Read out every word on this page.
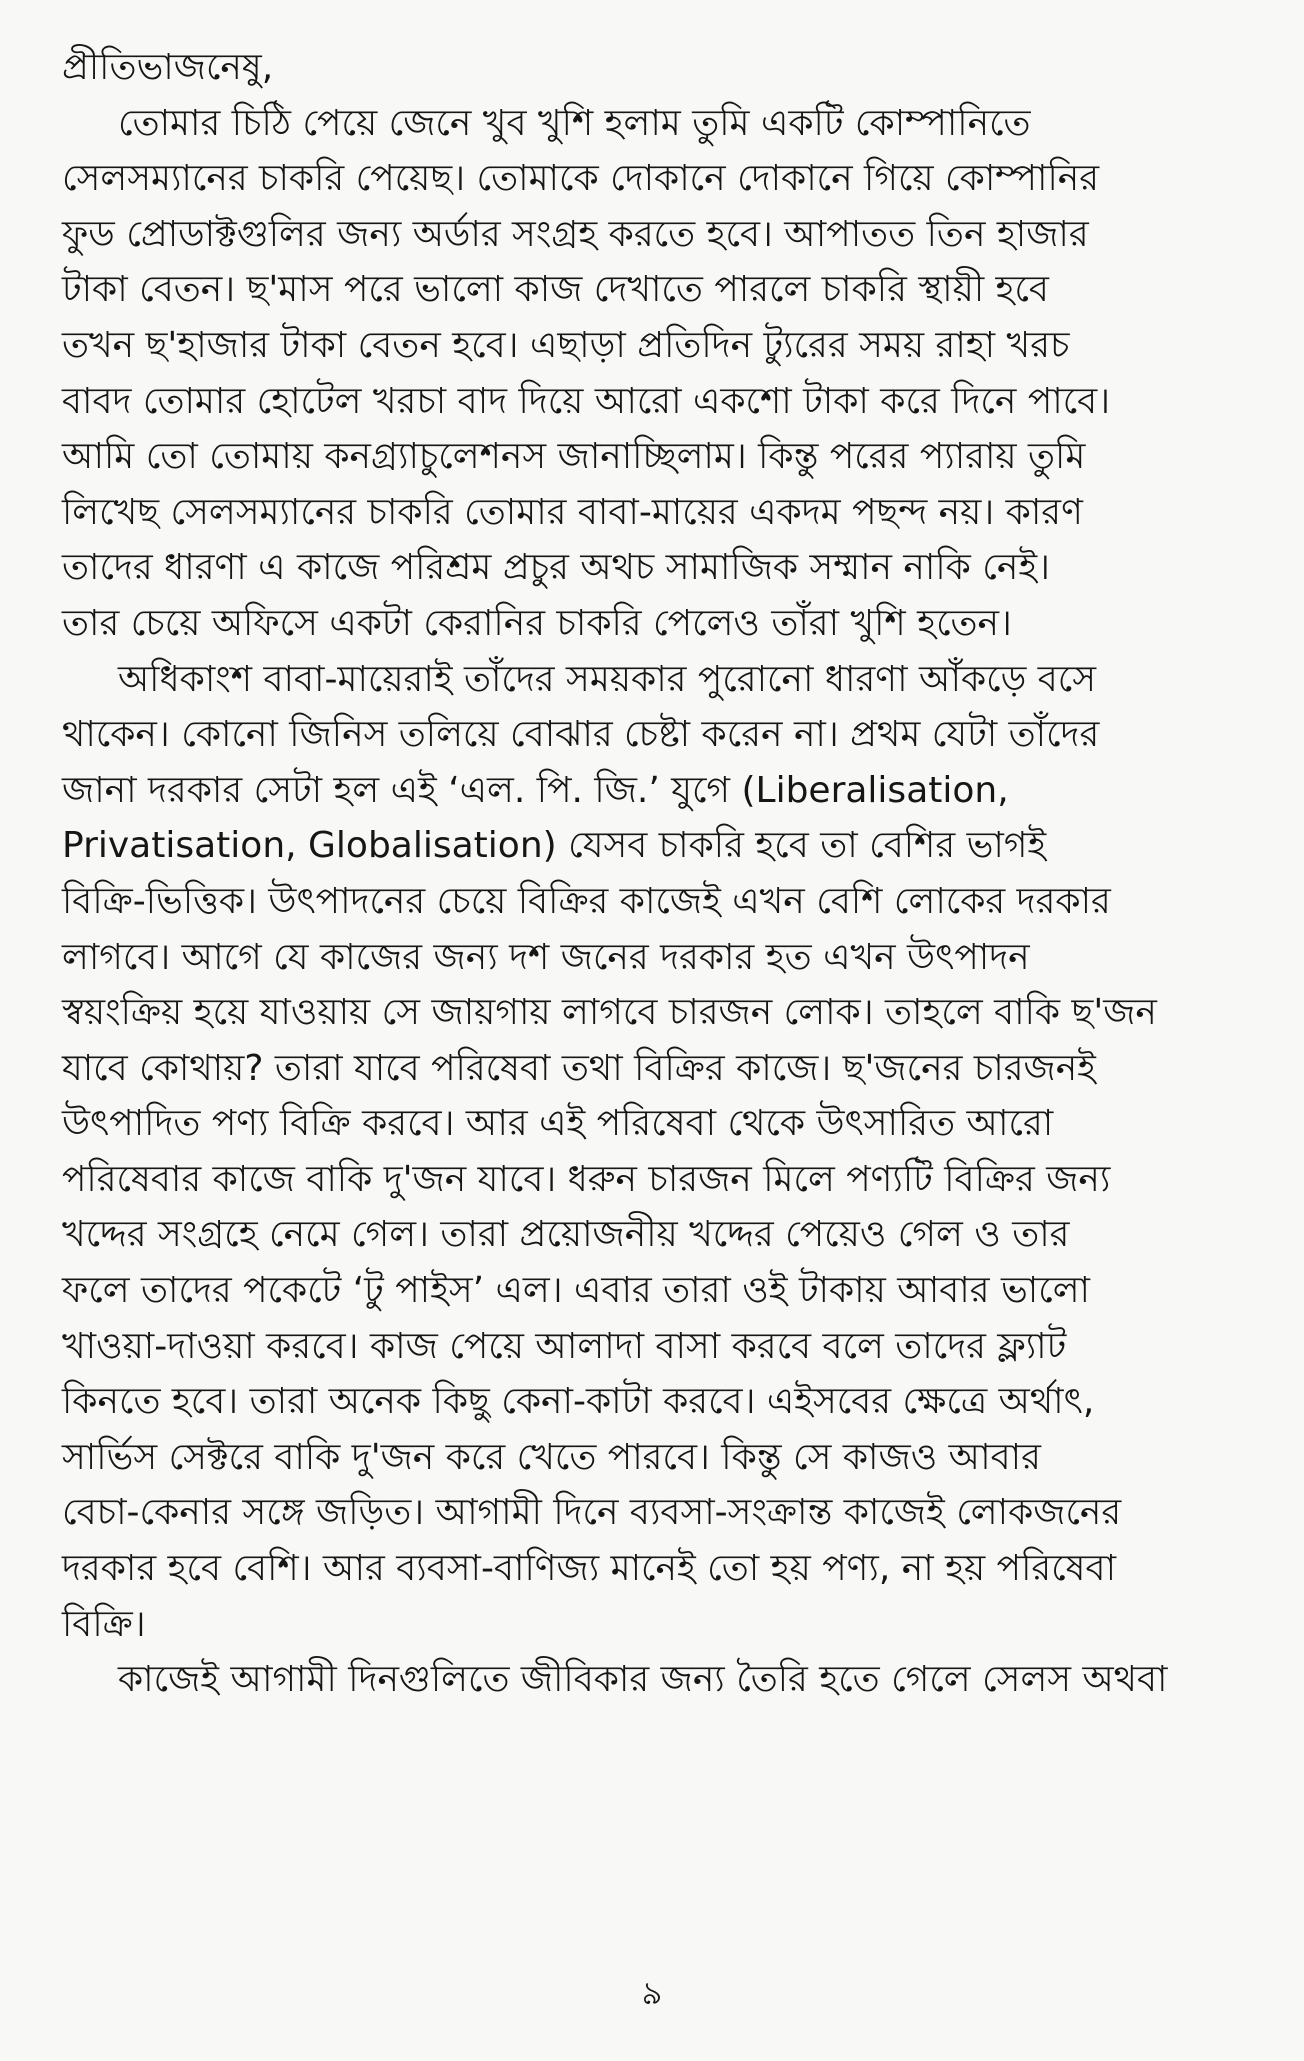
প্রীতিভাজনেষু,
তোমার চিঠি পেয়ে জেনে খুব খুশি হলাম তুমি একটি কোম্পানিতে
সেলসম্যানের চাকরি পেয়েছ। তোমাকে দোকানে দোকানে গিয়ে কোম্পানির
ফুড প্রোডাক্টগুলির জন্য অর্ডার সংগ্রহ করতে হবে। আপাতত তিন হাজার
টাকা বেতন। ছ'মাস পরে ভালো কাজ দেখাতে পারলে চাকরি স্থায়ী হবে
তখন ছ'হাজার টাকা বেতন হবে। এছাড়া প্রতিদিন ট্যুরের সময় রাহা খরচ
বাবদ তোমার হোটেল খরচা বাদ দিয়ে আরো একশো টাকা করে দিনে পাবে।
আমি তো তোমায় কনগ্র্যাচুলেশনস জানাচ্ছিলাম। কিন্তু পরের প্যারায় তুমি
লিখেছ সেলসম্যানের চাকরি তোমার বাবা-মায়ের একদম পছন্দ নয়। কারণ
তাদের ধারণা এ কাজে পরিশ্রম প্রচুর অথচ সামাজিক সম্মান নাকি নেই।
তার চেয়ে অফিসে একটা কেরানির চাকরি পেলেও তাঁরা খুশি হতেন।
অধিকাংশ বাবা-মায়েরাই তাঁদের সময়কার পুরোনো ধারণা আঁকড়ে বসে
থাকেন। কোনো জিনিস তলিয়ে বোঝার চেষ্টা করেন না। প্রথম যেটা তাঁদের
জানা দরকার সেটা হল এই ‘এল. পি. জি.’ যুগে (Liberalisation,
Privatisation, Globalisation) যেসব চাকরি হবে তা বেশির ভাগই
বিক্রি-ভিত্তিক। উৎপাদনের চেয়ে বিক্রির কাজেই এখন বেশি লোকের দরকার
লাগবে। আগে যে কাজের জন্য দশ জনের দরকার হত এখন উৎপাদন
স্বয়ংক্রিয় হয়ে যাওয়ায় সে জায়গায় লাগবে চারজন লোক। তাহলে বাকি ছ'জন
যাবে কোথায়? তারা যাবে পরিষেবা তথা বিক্রির কাজে। ছ'জনের চারজনই
উৎপাদিত পণ্য বিক্রি করবে। আর এই পরিষেবা থেকে উৎসারিত আরো
পরিষেবার কাজে বাকি দু'জন যাবে। ধরুন চারজন মিলে পণ্যটি বিক্রির জন্য
খদ্দের সংগ্রহে নেমে গেল। তারা প্রয়োজনীয় খদ্দের পেয়েও গেল ও তার
ফলে তাদের পকেটে ‘টু পাইস’ এল। এবার তারা ওই টাকায় আবার ভালো
খাওয়া-দাওয়া করবে। কাজ পেয়ে আলাদা বাসা করবে বলে তাদের ফ্ল্যাট
কিনতে হবে। তারা অনেক কিছু কেনা-কাটা করবে। এইসবের ক্ষেত্রে অর্থাৎ,
সার্ভিস সেক্টরে বাকি দু'জন করে খেতে পারবে। কিন্তু সে কাজও আবার
বেচা-কেনার সঙ্গে জড়িত। আগামী দিনে ব্যবসা-সংক্রান্ত কাজেই লোকজনের
দরকার হবে বেশি। আর ব্যবসা-বাণিজ্য মানেই তো হয় পণ্য, না হয় পরিষেবা
বিক্রি।
কাজেই আগামী দিনগুলিতে জীবিকার জন্য তৈরি হতে গেলে সেলস অথবা
৯
